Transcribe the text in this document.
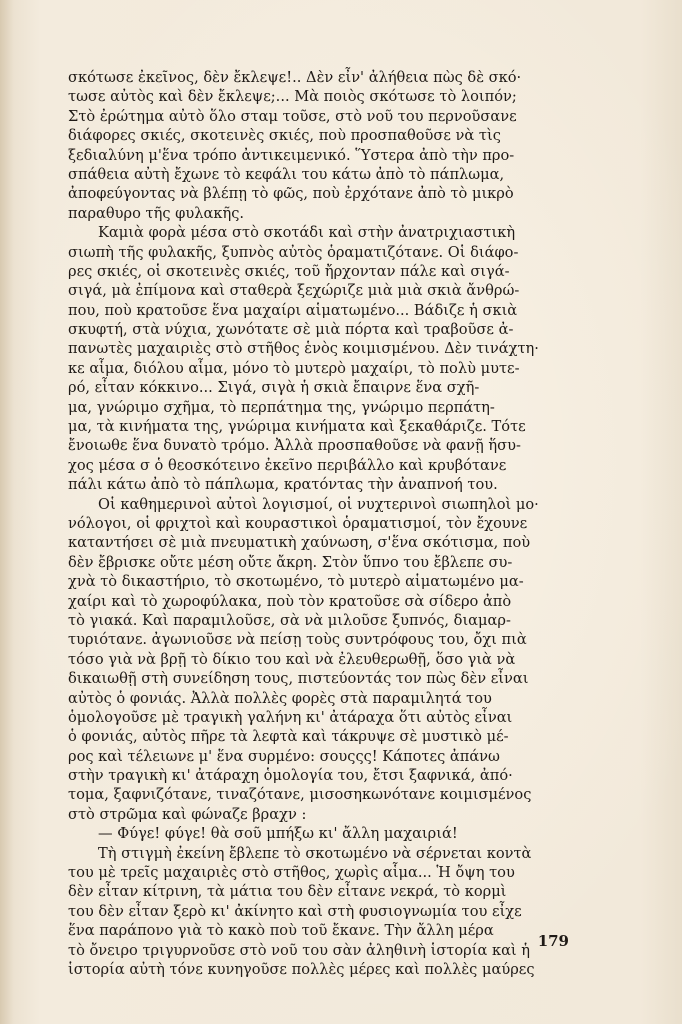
σκότωσε ἐκεῖνος, δὲν ἔκλεψε!.. Δὲν εἶν' ἀλήθεια πὼς δὲ σκό·
τωσε αὐτὸς καὶ δὲν ἔκλεψε;... Μὰ ποιὸς σκότωσε τὸ λοιπόν;
Στὸ ἐρώτημα αὐτὸ ὅλο σταμ τοῦσε, στὸ νοῦ του περνοῦσανε
διάφορες σκιές, σκοτεινὲς σκιές, ποὺ προσπαθοῦσε νὰ τὶς
ξεδιαλύνη μ'ἕνα τρόπο ἀντικειμενικό. Ὕστερα ἀπὸ τὴν προ-
σπάθεια αὐτὴ ἔχωνε τὸ κεφάλι του κάτω ἀπὸ τὸ πάπλωμα,
ἀποφεύγοντας νὰ βλέπῃ τὸ φῶς, ποὺ ἐρχότανε ἀπὸ τὸ μικρὸ
παραθυρο τῆς φυλακῆς.
Καμιὰ φορὰ μέσα στὸ σκοτάδι καὶ στὴν ἀνατριχιαστικὴ
σιωπὴ τῆς φυλακῆς, ξυπνὸς αὐτὸς ὁραματιζότανε. Οἱ διάφο-
ρες σκιές, οἱ σκοτεινὲς σκιές, τοῦ ἤρχονταν πάλε καὶ σιγά-
σιγά, μὰ ἐπίμονα καὶ σταθερὰ ξεχώριζε μιὰ μιὰ σκιὰ ἄνθρώ-
που, ποὺ κρατοῦσε ἕνα μαχαίρι αἱματωμένο... Βάδιζε ἡ σκιὰ
σκυφτή, στὰ νύχια, χωνότατε σὲ μιὰ πόρτα καὶ τραβοῦσε ἀ-
πανωτὲς μαχαιριὲς στὸ στῆθος ἑνὸς κοιμισμένου. Δὲν τινάχτη·
κε αἷμα, διόλου αἷμα, μόνο τὸ μυτερὸ μαχαίρι, τὸ πολὺ μυτε-
ρό, εἶταν κόκκινο... Σιγά, σιγὰ ἡ σκιὰ ἔπαιρνε ἕνα σχῆ-
μα, γνώριμο σχῆμα, τὸ περπάτημα της, γνώριμο περπάτη-
μα, τὰ κινήματα της, γνώριμα κινήματα καὶ ξεκαθάριζε. Τότε
ἔνοιωθε ἕνα δυνατὸ τρόμο. Ἀλλὰ προσπαθοῦσε νὰ φανῇ ἥσυ-
χος μέσα σ ὁ θεοσκότεινο ἐκεῖνο περιβάλλο καὶ κρυβότανε
πάλι κάτω ἀπὸ τὸ πάπλωμα, κρατόντας τὴν ἀναπνοή του.
Οἱ καθημερινοὶ αὐτοὶ λογισμοί, οἱ νυχτερινοὶ σιωπηλοὶ μο·
νόλογοι, οἱ φριχτοὶ καὶ κουραστικοὶ ὁραματισμοί, τὸν ἔχουνε
καταντήσει σὲ μιὰ πνευματικὴ χαύνωση, σ'ἕνα σκότισμα, ποὺ
δὲν ἔβρισκε οὔτε μέση οὔτε ἄκρη. Στὸν ὕπνο του ἔβλεπε συ-
χνὰ τὸ δικαστήριο, τὸ σκοτωμένο, τὸ μυτερὸ αἱματωμένο μα-
χαίρι καὶ τὸ χωροφύλακα, ποὺ τὸν κρατοῦσε σὰ σίδερο ἀπὸ
τὸ γιακά. Καὶ παραμιλοῦσε, σὰ νὰ μιλοῦσε ξυπνός, διαμαρ-
τυριότανε. ἀγωνιοῦσε νὰ πείσῃ τοὺς συντρόφους του, ὄχι πιὰ
τόσο γιὰ νὰ βρῇ τὸ δίκιο του καὶ νὰ ἐλευθερωθῇ, ὅσο γιὰ νὰ
δικαιωθῇ στὴ συνείδηση τους, πιστεύοντάς τον πὼς δὲν εἶναι
αὐτὸς ὁ φονιάς. Ἀλλὰ πολλὲς φορὲς στὰ παραμιλητά του
ὁμολογοῦσε μὲ τραγικὴ γαλήνη κι' ἀτάραχα ὅτι αὐτὸς εἶναι
ὁ φονιάς, αὐτὸς πῆρε τὰ λεφτὰ καὶ τάκρυψε σὲ μυστικὸ μέ-
ρος καὶ τέλειωνε μ' ἕνα συρμένο: σουςςς! Κάποτες ἀπάνω
στὴν τραγικὴ κι' ἀτάραχη ὁμολογία του, ἔτσι ξαφνικά, ἀπό·
τομα, ξαφνιζότανε, τιναζότανε, μισοσηκωνότανε κοιμισμένος
στὸ στρῶμα καὶ φώναζε βραχν :
— Φύγε! φύγε! θὰ σοῦ μπήξω κι' ἄλλη μαχαιριά!
Τὴ στιγμὴ ἐκείνη ἔβλεπε τὸ σκοτωμένο νὰ σέρνεται κοντὰ
του μὲ τρεῖς μαχαιριὲς στὸ στῆθος, χωρὶς αἷμα... Ἡ ὄψη του
δὲν εἶταν κίτρινη, τὰ μάτια του δὲν εἶτανε νεκρά, τὸ κορμὶ
του δὲν εἶταν ξερὸ κι' ἀκίνητο καὶ στὴ φυσιογνωμία του εἶχε
ἕνα παράπονο γιὰ τὸ κακὸ ποὺ τοῦ ἔκανε. Τὴν ἄλλη μέρα
τὸ ὄνειρο τριγυρνοῦσε στὸ νοῦ του σὰν ἀληθινὴ ἱστορία καὶ ἡ
ἱστορία αὐτὴ τόνε κυνηγοῦσε πολλὲς μέρες καὶ πολλὲς μαύρες
179
